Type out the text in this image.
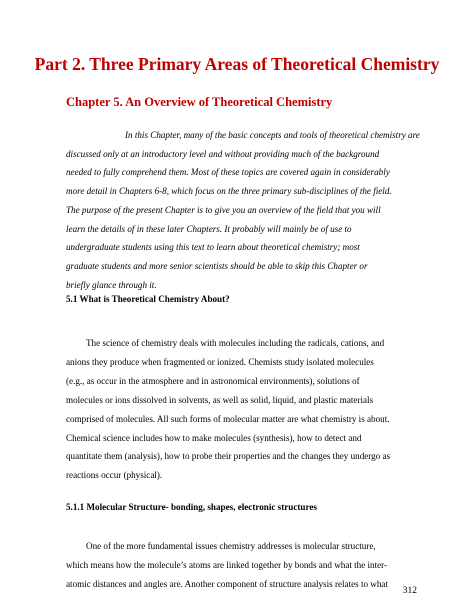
Part 2. Three Primary Areas of Theoretical Chemistry
Chapter 5. An Overview of Theoretical Chemistry
In this Chapter, many of the basic concepts and tools of theoretical chemistry are
discussed only at an introductory level and without providing much of the background
needed to fully comprehend them. Most of these topics are covered again in considerably
more detail in Chapters 6-8, which focus on the three primary sub-disciplines of the field.
The purpose of the present Chapter is to give you an overview of the field that you will
learn the details of in these later Chapters. It probably will mainly be of use to
undergraduate students using this text to learn about theoretical chemistry; most
graduate students and more senior scientists should be able to skip this Chapter or
briefly glance through it.
5.1 What is Theoretical Chemistry About?
The science of chemistry deals with molecules including the radicals, cations, and
anions they produce when fragmented or ionized. Chemists study isolated molecules
(e.g., as occur in the atmosphere and in astronomical environments), solutions of
molecules or ions dissolved in solvents, as well as solid, liquid, and plastic materials
comprised of molecules. All such forms of molecular matter are what chemistry is about.
Chemical science includes how to make molecules (synthesis), how to detect and
quantitate them (analysis), how to probe their properties and the changes they undergo as
reactions occur (physical).
5.1.1 Molecular Structure- bonding, shapes, electronic structures
One of the more fundamental issues chemistry addresses is molecular structure,
which means how the molecule’s atoms are linked together by bonds and what the inter-
atomic distances and angles are. Another component of structure analysis relates to what
312
